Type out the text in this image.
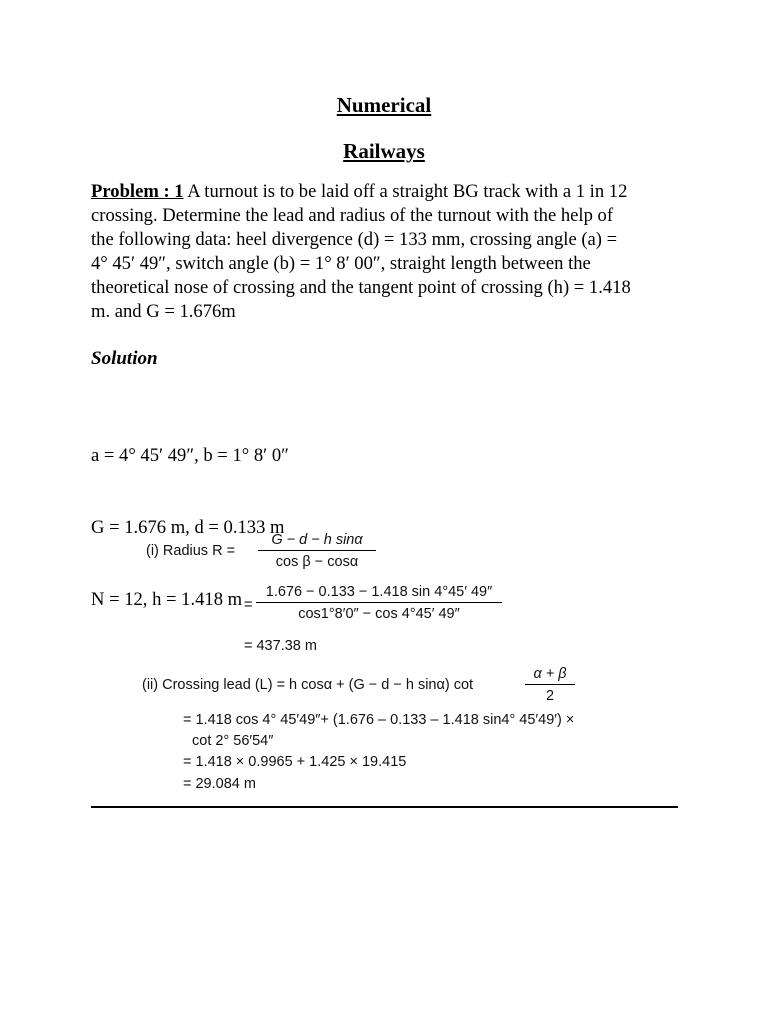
Numerical
Railways
Problem : 1 A turnout is to be laid off a straight BG track with a 1 in 12
crossing. Determine the lead and radius of the turnout with the help of
the following data: heel divergence (d) = 133 mm, crossing angle (a) =
4° 45′ 49″, switch angle (b) = 1° 8′ 00″, straight length between the
theoretical nose of crossing and the tangent point of crossing (h) = 1.418
m. and G = 1.676m
Solution

a = 4° 45′ 49″, b = 1° 8′ 0″

G = 1.676 m, d = 0.133 m

N = 12, h = 1.418 m

(i) Radius R =
G − d − h sinα
cos β − cosα
=
1.676 − 0.133 − 1.418 sin 4°45′ 49″
cos1°8′0″ − cos 4°45′ 49″
= 437.38 m
(ii) Crossing lead (L) = h cosα + (G − d − h sinα) cot
α + β
2
= 1.418 cos 4° 45′49″+ (1.676 – 0.133 – 1.418 sin4° 45′49′) ×
cot 2° 56′54″
= 1.418 × 0.9965 + 1.425 × 19.415
= 29.084 m
